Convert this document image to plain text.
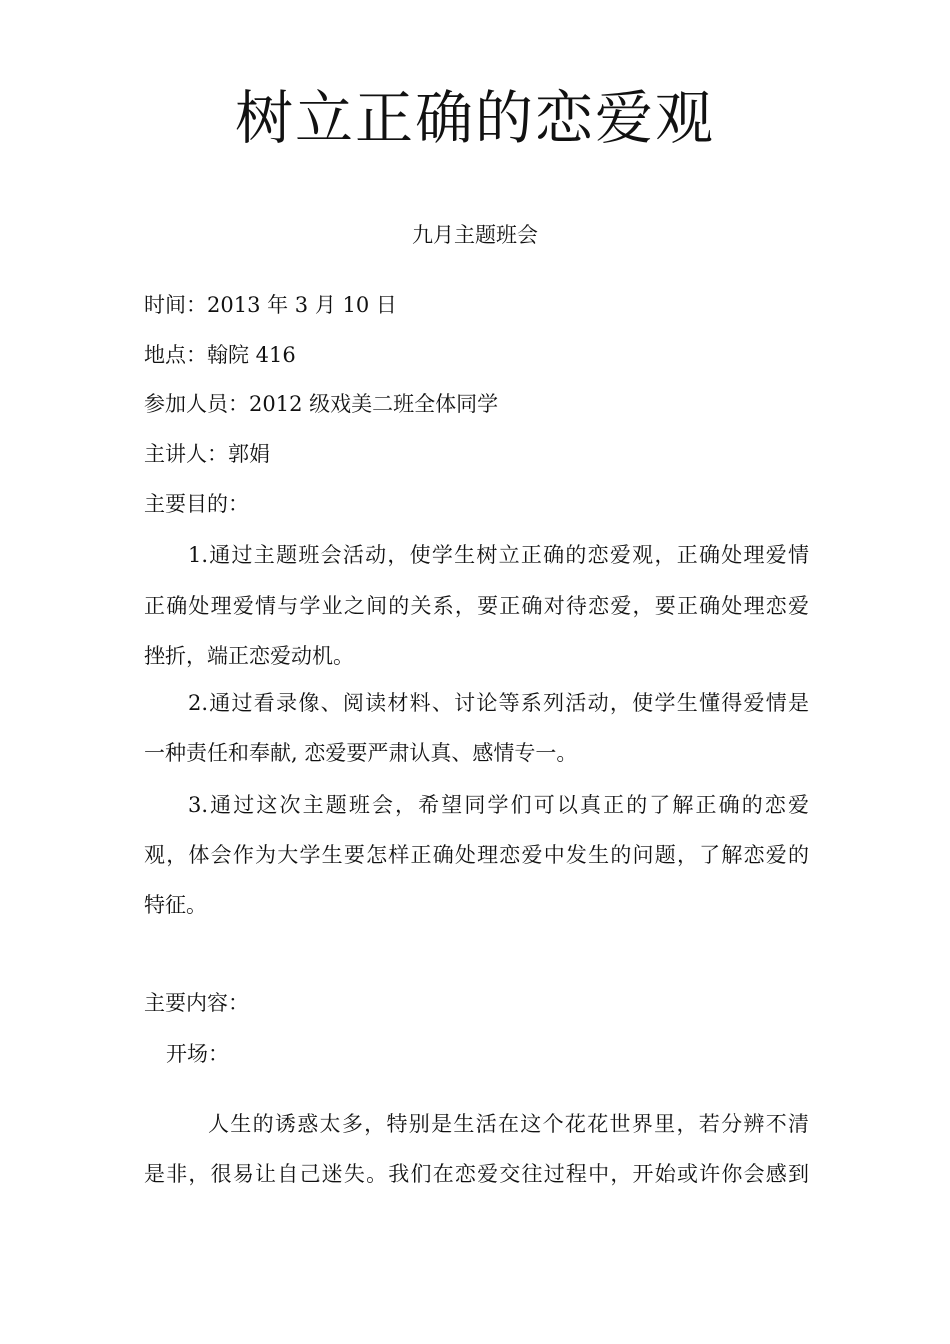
树立正确的恋爱观
九月主题班会
时间：2013 年 3 月 10 日
地点：翰院 416
参加人员：2012 级戏美二班全体同学
主讲人：郭娟
主要目的：
1.通过主题班会活动，使学生树立正确的恋爱观，正确处理爱情
正确处理爱情与学业之间的关系，要正确对待恋爱，要正确处理恋爱
挫折，端正恋爱动机。
2.通过看录像、阅读材料、讨论等系列活动，使学生懂得爱情是
一种责任和奉献, 恋爱要严肃认真、感情专一。
3.通过这次主题班会，希望同学们可以真正的了解正确的恋爱
观，体会作为大学生要怎样正确处理恋爱中发生的问题，了解恋爱的
特征。
主要内容：
开场：
人生的诱惑太多，特别是生活在这个花花世界里，若分辨不清
是非，很易让自己迷失。我们在恋爱交往过程中，开始或许你会感到
